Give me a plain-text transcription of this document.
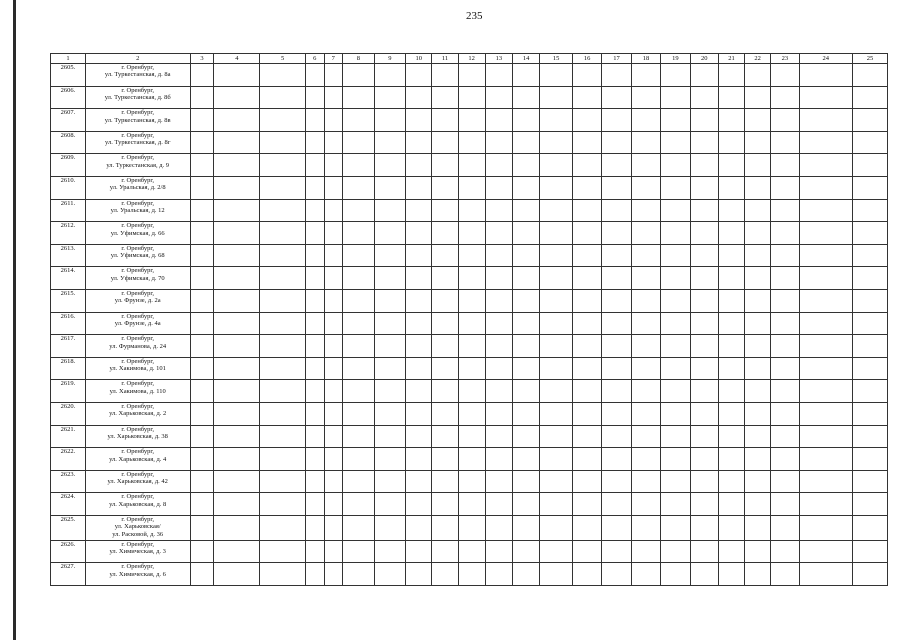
235
1	2	3	4	5	6	7	8	9	10	11	12	13	14	15	16	17	18	19	20	21	22	23	24	25
2605.	г. Оренбург,
ул. Туркестанская, д. 8а																							

2606.	г. Оренбург,
ул. Туркестанская, д. 8б																							

2607.	г. Оренбург,
ул. Туркестанская, д. 8в																							

2608.	г. Оренбург,
ул. Туркестанская, д. 8г																							

2609.	г. Оренбург,
ул. Туркестанская, д. 9																							

2610.	г. Оренбург,
ул. Уральская, д. 2/8																							

2611.	г. Оренбург,
ул. Уральская, д. 12																							

2612.	г. Оренбург,
ул. Уфимская, д. 66																							

2613.	г. Оренбург,
ул. Уфимская, д. 68																							

2614.	г. Оренбург,
ул. Уфимская, д. 70																							

2615.	г. Оренбург,
ул. Фрунзе, д. 2а																							

2616.	г. Оренбург,
ул. Фрунзе, д. 4а																							

2617.	г. Оренбург,
ул. Фурманова, д. 24																							

2618.	г. Оренбург,
ул. Хакимова, д. 101																							

2619.	г. Оренбург,
ул. Хакимова, д. 110																							

2620.	г. Оренбург,
ул. Харьковская, д. 2																							

2621.	г. Оренбург,
ул. Харьковская, д. 38																							

2622.	г. Оренбург,
ул. Харьковская, д. 4																							

2623.	г. Оренбург,
ул. Харьковская, д. 42																							

2624.	г. Оренбург,
ул. Харьковская, д. 8																							

2625.	г. Оренбург,
ул. Харьковская/
ул. Расковой, д. 36																							

2626.	г. Оренбург,
ул. Химическая, д. 3																							

2627.	г. Оренбург,
ул. Химическая, д. 6																							
